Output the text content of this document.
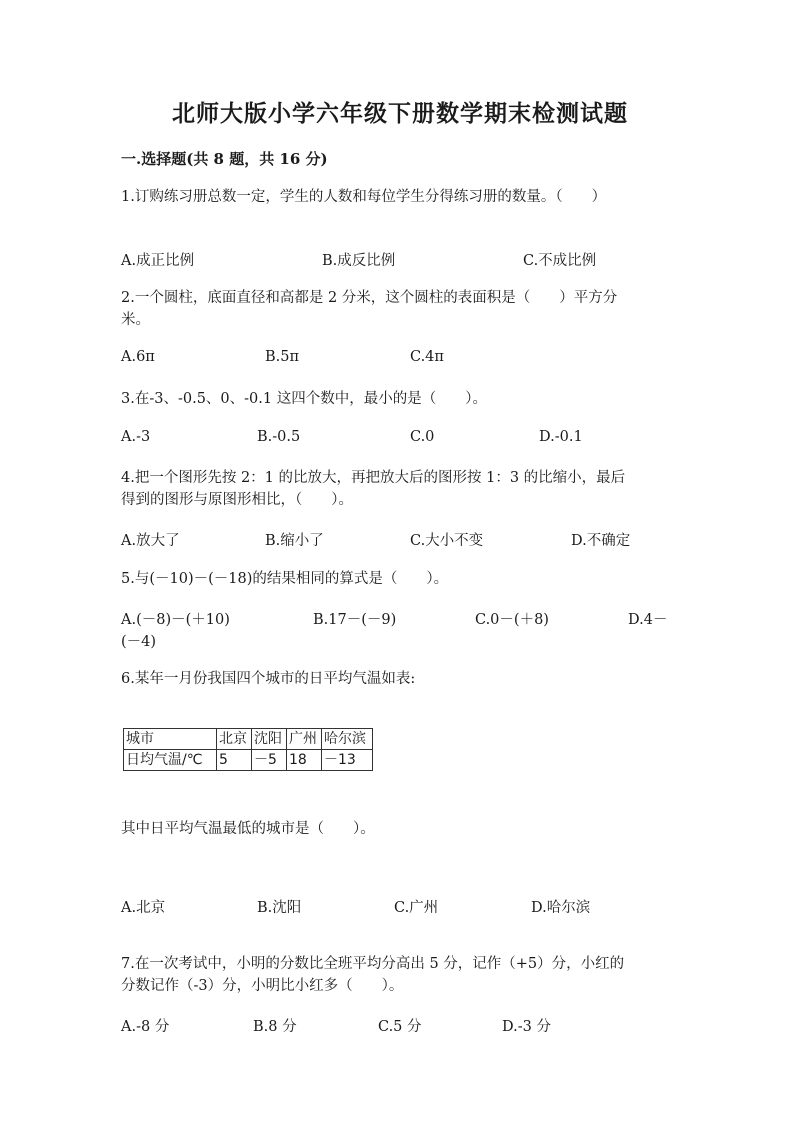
北师大版小学六年级下册数学期末检测试题
一.选择题(共 8 题，共 16 分)
1.订购练习册总数一定，学生的人数和每位学生分得练习册的数量。（　　）
A.成正比例	B.成反比例	C.不成比例
2.一个圆柱，底面直径和高都是 2 分米，这个圆柱的表面积是（　　）平方分
米。
A.6π	B.5π	C.4π
3.在-3、-0.5、0、-0.1 这四个数中，最小的是（　　）。
A.-3	B.-0.5	C.0	D.-0.1
4.把一个图形先按 2：1 的比放大，再把放大后的图形按 1：3 的比缩小，最后
得到的图形与原图形相比，（　　）。
A.放大了	B.缩小了	C.大小不变	D.不确定
5.与(－10)－(－18)的结果相同的算式是（　　）。
A.(－8)－(＋10)	B.17－(－9)	C.0－(＋8)	D.4－
(－4)
6.某年一月份我国四个城市的日平均气温如表:
城市	北京	沈阳	广州	哈尔滨
日均气温/℃	5	－5	18	－13
其中日平均气温最低的城市是（　　）。
A.北京	B.沈阳	C.广州	D.哈尔滨
7.在一次考试中，小明的分数比全班平均分高出 5 分，记作（+5）分，小红的
分数记作（-3）分，小明比小红多（　　）。
A.-8 分	B.8 分	C.5 分	D.-3 分
